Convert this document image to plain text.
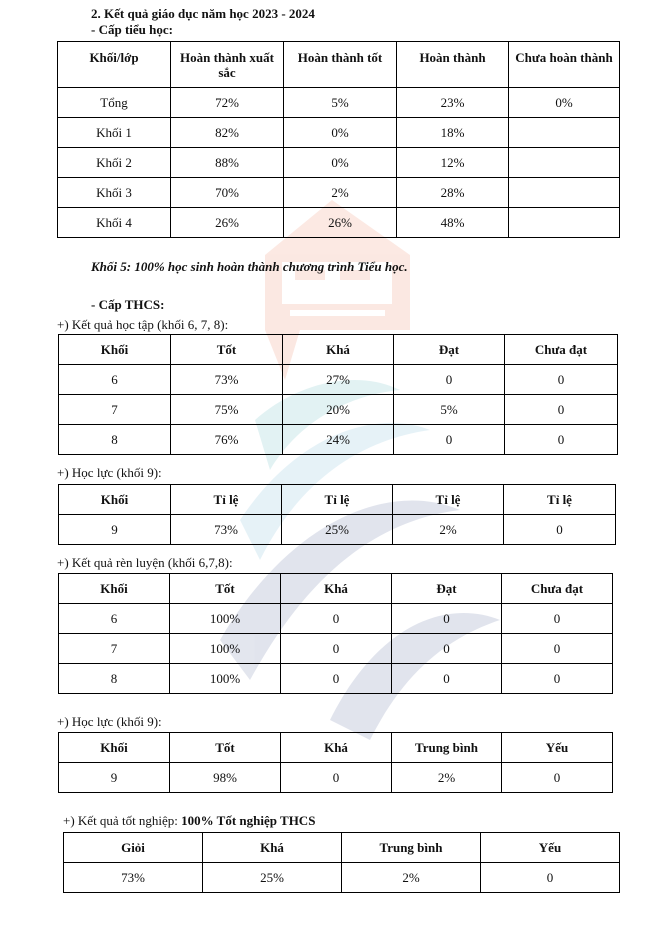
2. Kết quả giáo dục năm học 2023 - 2024
- Cấp tiểu học:
Khối/lớp	Hoàn thành xuất sắc	Hoàn thành tốt	Hoàn thành	Chưa hoàn thành
Tổng	72%	5%	23%	0%
Khối 1	82%	0%	18%	
Khối 2	88%	0%	12%	
Khối 3	70%	2%	28%	
Khối 4	26%	26%	48%	
Khối 5: 100% học sinh hoàn thành chương trình Tiểu học.
- Cấp THCS:
+) Kết quả học tập (khối 6, 7, 8):
Khối	Tốt	Khá	Đạt	Chưa đạt
6	73%	27%	0	0
7	75%	20%	5%	0
8	76%	24%	0	0
+) Học lực (khối 9):
Khối	Tỉ lệ	Tỉ lệ	Tỉ lệ	Tỉ lệ
9	73%	25%	2%	0
+) Kết quả rèn luyện (khối 6,7,8):
Khối	Tốt	Khá	Đạt	Chưa đạt
6	100%	0	0	0
7	100%	0	0	0
8	100%	0	0	0
+) Học lực (khối 9):
Khối	Tốt	Khá	Trung bình	Yếu
9	98%	0	2%	0
+) Kết quả tốt nghiệp: 100% Tốt nghiệp THCS
Giỏi	Khá	Trung bình	Yếu
73%	25%	2%	0
